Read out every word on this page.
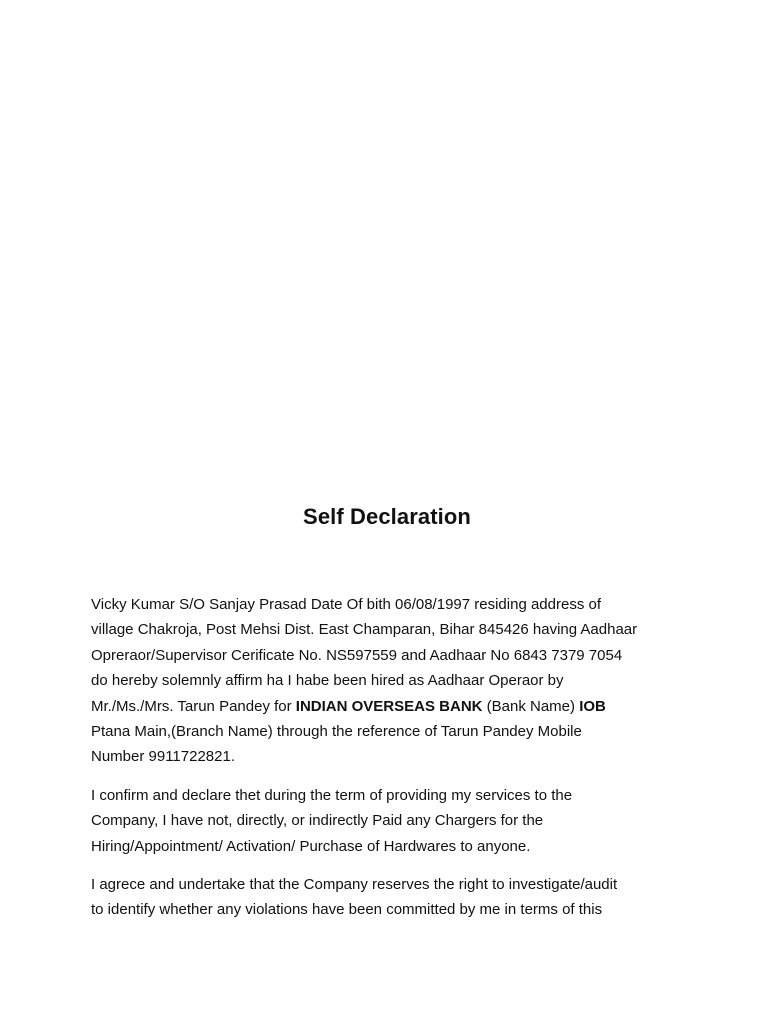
Self Declaration
Vicky Kumar S/O Sanjay Prasad Date Of bith 06/08/1997 residing address of
village Chakroja, Post Mehsi Dist. East Champaran, Bihar 845426 having Aadhaar
Oprerаor/Supervisor Cerificate No. NS597559 and Aadhaar No 6843 7379 7054
do hereby solemnly affirm ha I habe been hired as Aadhaar Operaor by
Mr./Ms./Mrs. Tarun Pandey for INDIAN OVERSEAS BANK (Bank Name) IOB
Ptana Main,(Branch Name) through the reference of Tarun Pandey Mobile
Number 9911722821.
I confirm and declare thet during the term of providing my services to the
Company, I have not, directly, or indirectly Paid any Chargers for the
Hiring/Appointment/ Activation/ Purchase of Hardwares to anyone.
I agrece and undertake that the Company reserves the right to investigate/audit
to identify whether any violations have been committed by me in terms of this
